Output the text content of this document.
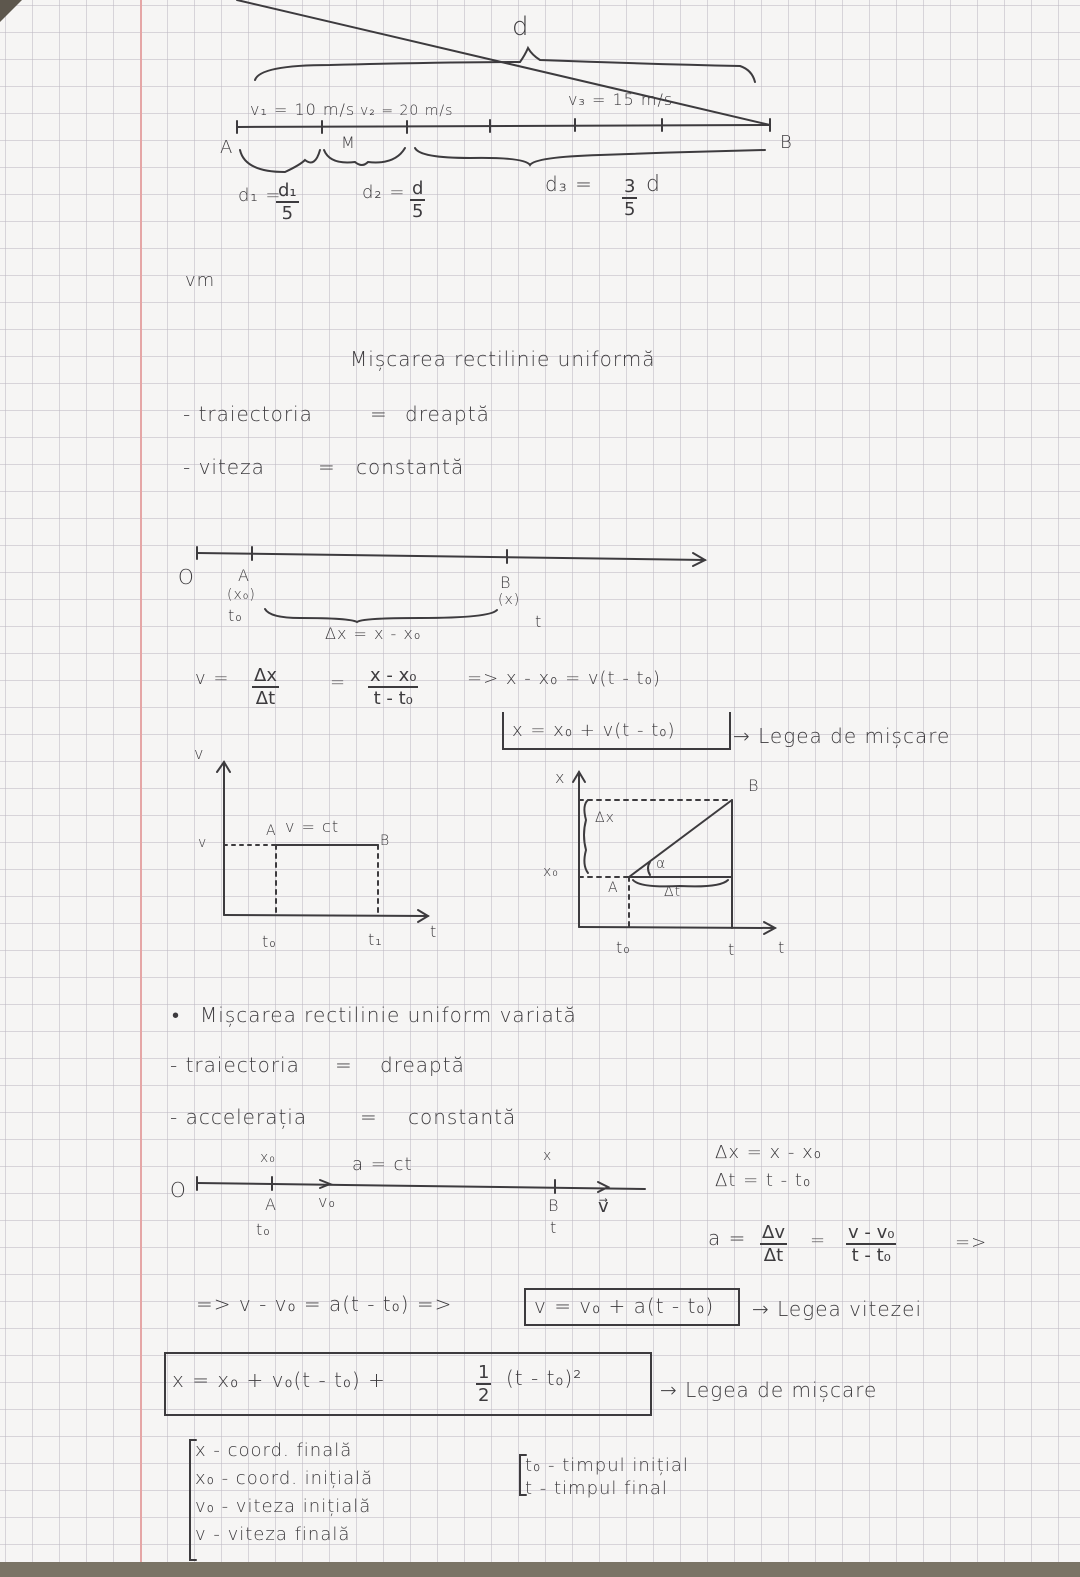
d
v₁ = 10 m/s v₂ = 20 m/s
v₃ = 15 m/s
A	M	B
d₁ =
$\frac{\text{d₁}}{5}$	$d_2 = \frac{d}{5}$	$d_3 = \frac{3}{5}$ d
vm
Mișcarea rectilinie uniformă
- traiectoria	= dreaptă
- viteza	= constantă
O	A
(x₀)
t₀
B
(x)
t
Δx = x - x₀
$v = \frac{\Delta x}{\Delta t}$	= $\frac{\text{x - x₀}}{\text{t - t₀}}$	=> x - x₀ = v(t - t₀)
x = x₀ + v(t - t₀)	→ Legea de mișcare
v
v
A v = ct
B
t₀	t₁	t
x
x₀
Δx
A
B
α
Δt
t₀	t	t
• Mișcarea rectilinie uniform variată
- traiectoria = dreaptă
- accelerația	= constantă
O
x₀
A
t₀
v₀
a = ct	x
B
t
v⃗
Δx = x - x₀
Δt = t - t₀
$a = \frac{\Delta v}{\Delta t} = \frac{\text{v - v₀}}{\text{t - t₀}}$	=>
=> v - v₀ = a(t - t₀) =>	v = v₀ + a(t - t₀) → Legea vitezei
x = x₀ + v₀(t - t₀) +	$\frac{1}{2} (t - t_0)^2$	→ Legea de mișcare
x - coord. finală
x₀ - coord. inițială
v₀ - viteza inițială
v - viteza finală
t₀ - timpul inițial
t - timpul final
